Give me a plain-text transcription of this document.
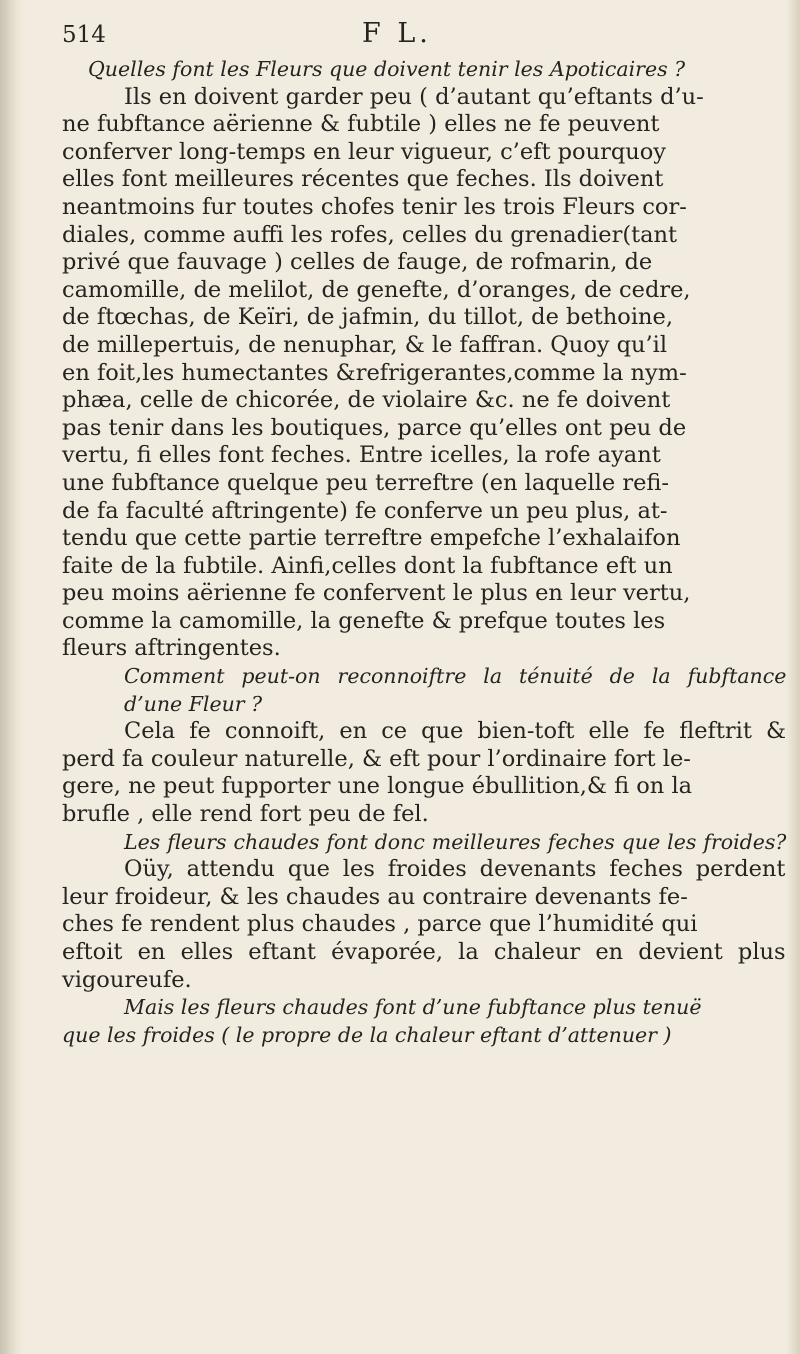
514	F L.
Quelles font les Fleurs que doivent tenir les Apoticaires ?
Ils en doivent garder peu ( d’autant qu’eftants d’u-
ne fubftance aërienne & fubtile ) elles ne fe peuvent
conferver long-temps en leur vigueur, c’eft pourquoy
elles font meilleures récentes que feches. Ils doivent
neantmoins fur toutes chofes tenir les trois Fleurs cor-
diales, comme auffi les rofes, celles du grenadier(tant
privé que fauvage ) celles de fauge, de rofmarin, de
camomille, de melilot, de genefte, d’oranges, de cedre,
de ftœchas, de Keïri, de jafmin, du tillot, de bethoine,
de millepertuis, de nenuphar, & le faffran. Quoy qu’il
en foit,les humectantes &refrigerantes,comme la nym-
phæa, celle de chicorée, de violaire &c. ne fe doivent
pas tenir dans les boutiques, parce qu’elles ont peu de
vertu, fi elles font feches. Entre icelles, la rofe ayant
une fubftance quelque peu terreftre (en laquelle refi-
de fa faculté aftringente) fe conferve un peu plus, at-
tendu que cette partie terreftre empefche l’exhalaifon
faite de la fubtile. Ainfi,celles dont la fubftance eft un
peu moins aërienne fe confervent le plus en leur vertu,
comme la camomille, la genefte & prefque toutes les
fleurs aftringentes.
Comment peut-on reconnoiftre la ténuité de la fubftance
d’une Fleur ?
Cela fe connoift, en ce que bien-toft elle fe fleftrit &
perd fa couleur naturelle, & eft pour l’ordinaire fort le-
gere, ne peut fupporter une longue ébullition,& fi on la
brufle , elle rend fort peu de fel.
Les fleurs chaudes font donc meilleures feches que les froides?
Oüy, attendu que les froides devenants feches perdent
leur froideur, & les chaudes au contraire devenants fe-
ches fe rendent plus chaudes , parce que l’humidité qui
eftoit en elles eftant évaporée, la chaleur en devient plus
vigoureufe.
Mais les fleurs chaudes font d’une fubftance plus tenuë
que les froides ( le propre de la chaleur eftant d’attenuer )
